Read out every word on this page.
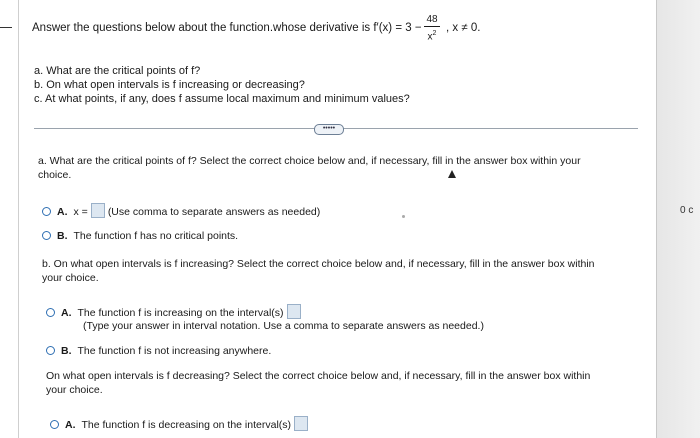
0 c
Answer the questions below about the function.whose derivative is f′(x) = 3 −
48
$x^2$ , x ≠ 0.
a. What are the critical points of f?
b. On what open intervals is f increasing or decreasing?
c. At what points, if any, does f assume local maximum and minimum values?
•••••
a. What are the critical points of f? Select the correct choice below and, if necessary, fill in the answer box within your
choice.
A. x = (Use comma to separate answers as needed)
B. The function f has no critical points.
b. On what open intervals is f increasing? Select the correct choice below and, if necessary, fill in the answer box within
your choice.
A. The function f is increasing on the interval(s)
(Type your answer in interval notation. Use a comma to separate answers as needed.)
B. The function f is not increasing anywhere.
On what open intervals is f decreasing? Select the correct choice below and, if necessary, fill in the answer box within
your choice.
A. The function f is decreasing on the interval(s)
